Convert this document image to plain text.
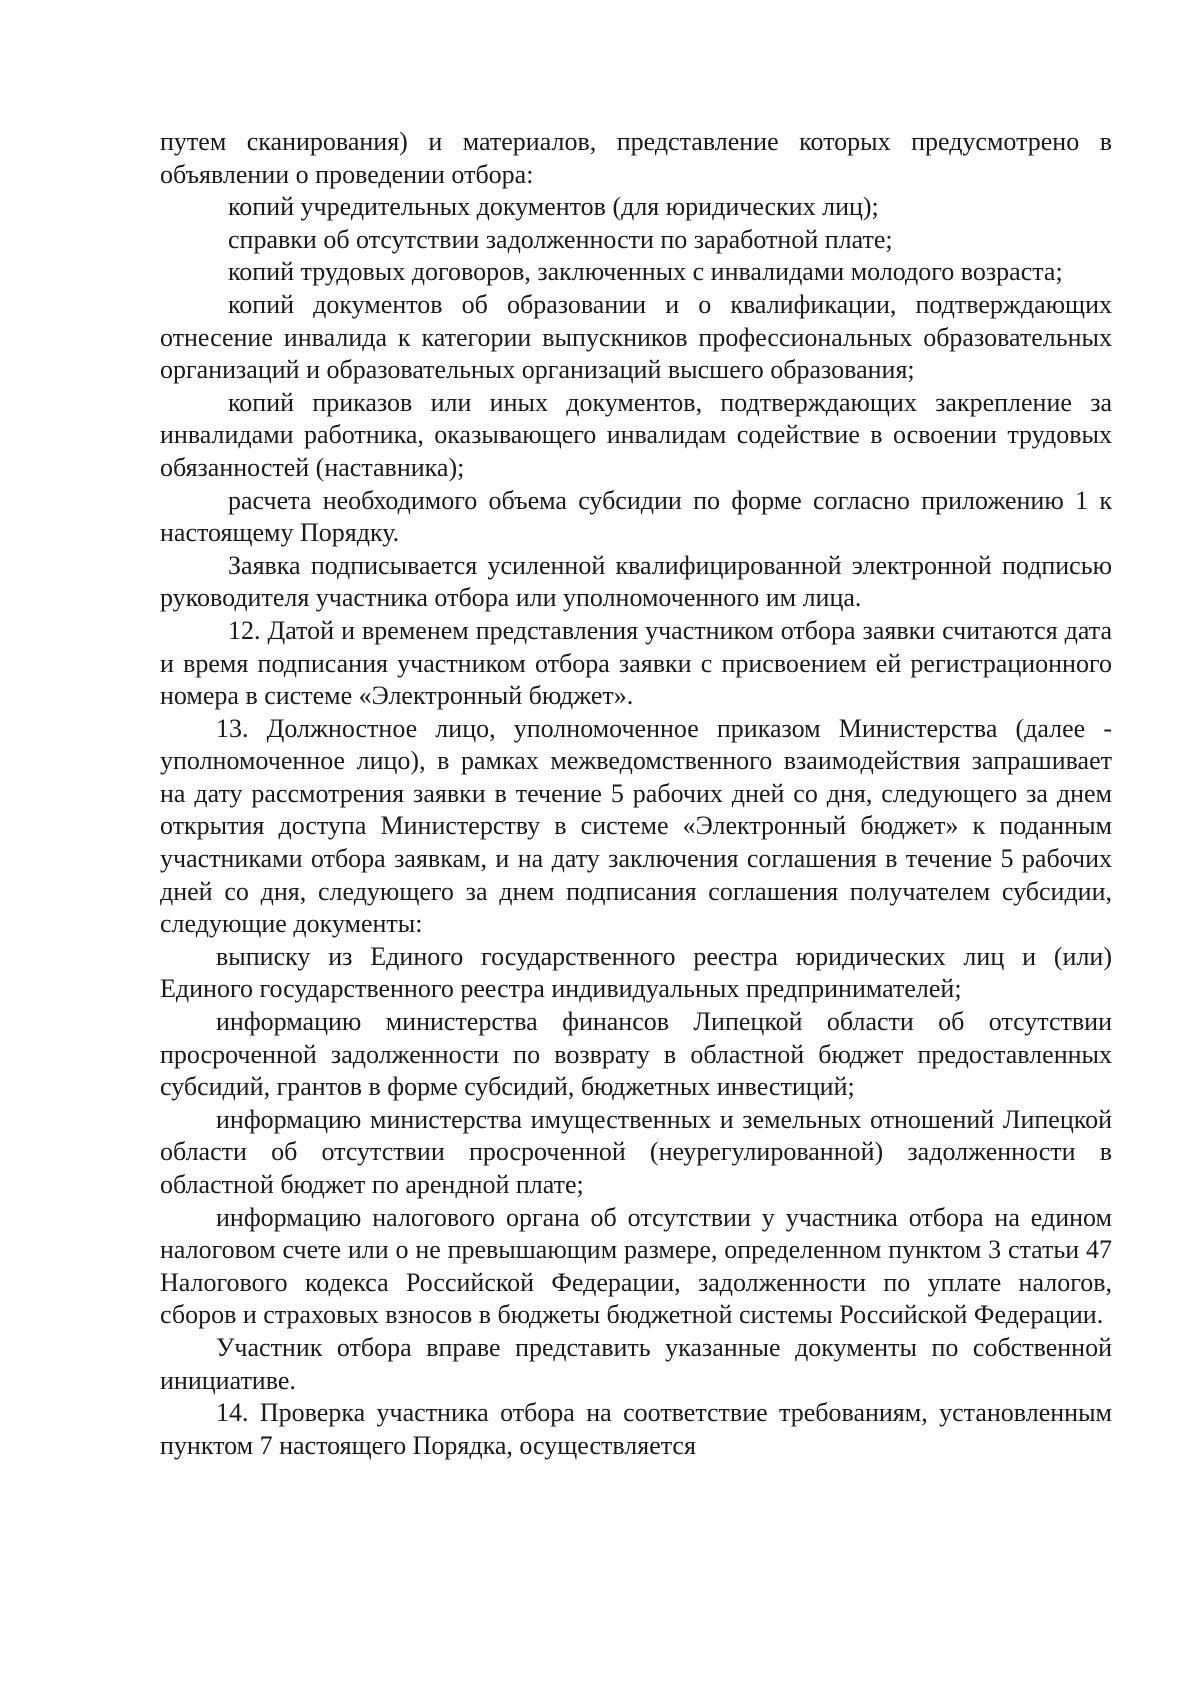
путем сканирования) и материалов, представление которых предусмотрено в объявлении о проведении отбора:

копий учредительных документов (для юридических лиц);

справки об отсутствии задолженности по заработной плате;

копий трудовых договоров, заключенных с инвалидами молодого возраста;

копий документов об образовании и о квалификации, подтверждающих отнесение инвалида к категории выпускников профессиональных образовательных организаций и образовательных организаций высшего образования;

копий приказов или иных документов, подтверждающих закрепление за инвалидами работника, оказывающего инвалидам содействие в освоении трудовых обязанностей (наставника);

расчета необходимого объема субсидии по форме согласно приложению 1 к настоящему Порядку.

Заявка подписывается усиленной квалифицированной электронной подписью руководителя участника отбора или уполномоченного им лица.

12. Датой и временем представления участником отбора заявки считаются дата и время подписания участником отбора заявки с присвоением ей регистрационного номера в системе «Электронный бюджет».

13. Должностное лицо, уполномоченное приказом Министерства (далее - уполномоченное лицо), в рамках межведомственного взаимодействия запрашивает на дату рассмотрения заявки в течение 5 рабочих дней со дня, следующего за днем открытия доступа Министерству в системе «Электронный бюджет» к поданным участниками отбора заявкам, и на дату заключения соглашения в течение 5 рабочих дней со дня, следующего за днем подписания соглашения получателем субсидии, следующие документы:

выписку из Единого государственного реестра юридических лиц и (или) Единого государственного реестра индивидуальных предпринимателей;

информацию министерства финансов Липецкой области об отсутствии просроченной задолженности по возврату в областной бюджет предоставленных субсидий, грантов в форме субсидий, бюджетных инвестиций;

информацию министерства имущественных и земельных отношений Липецкой области об отсутствии просроченной (неурегулированной) задолженности в областной бюджет по арендной плате;

информацию налогового органа об отсутствии у участника отбора на едином налоговом счете или о не превышающим размере, определенном пунктом 3 статьи 47 Налогового кодекса Российской Федерации, задолженности по уплате налогов, сборов и страховых взносов в бюджеты бюджетной системы Российской Федерации.

Участник отбора вправе представить указанные документы по собственной инициативе.

14. Проверка участника отбора на соответствие требованиям, установленным пунктом 7 настоящего Порядка, осуществляется
